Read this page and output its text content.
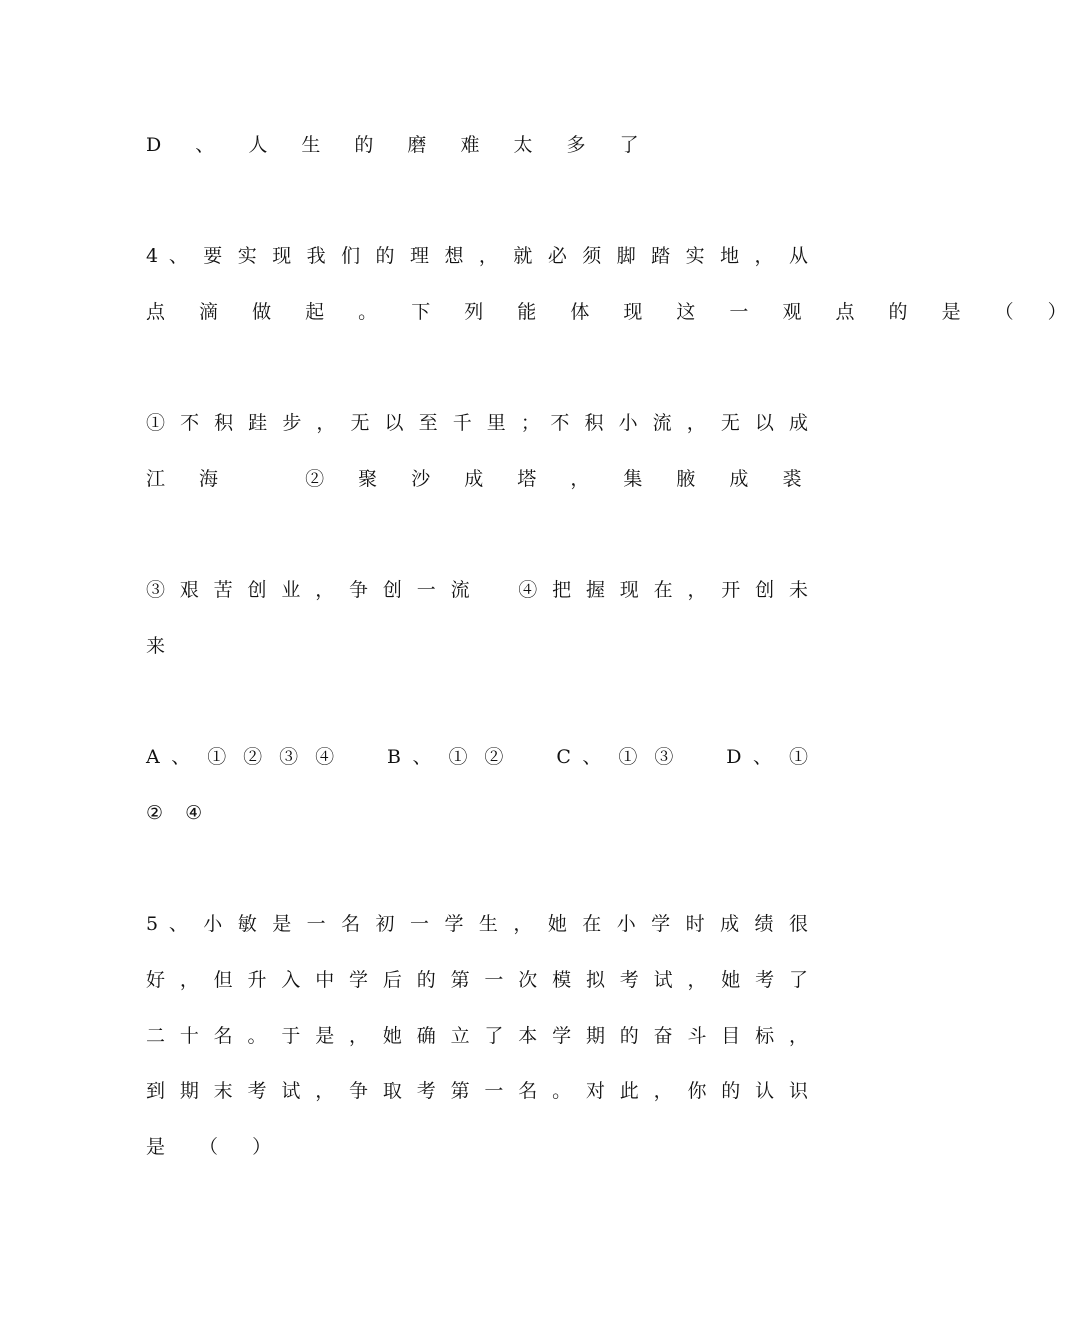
D 、 人 生 的 磨 难 太 多 了
4 、 要 实 现 我 们 的 理 想 ， 就 必 须 脚 踏 实 地 ， 从
点 滴 做 起 。 下 列 能 体 现 这 一 观 点 的 是 （ ）
① 不 积 跬 步 ， 无 以 至 千 里 ； 不 积 小 流 ， 无 以 成
江 海 　 ② 聚 沙 成 塔 ， 集 腋 成 裘
③ 艰 苦 创 业 ， 争 创 一 流 　 ④ 把 握 现 在 ， 开 创 未
来
A 、 ① ② ③ ④ 　 B 、 ① ② 　 C 、 ① ③ 　 D 、 ①
② ④
5 、 小 敏 是 一 名 初 一 学 生 ， 她 在 小 学 时 成 绩 很
好 ， 但 升 入 中 学 后 的 第 一 次 模 拟 考 试 ， 她 考 了
二 十 名 。 于 是 ， 她 确 立 了 本 学 期 的 奋 斗 目 标 ，
到 期 末 考 试 ， 争 取 考 第 一 名 。 对 此 ， 你 的 认 识
是 （ ）
